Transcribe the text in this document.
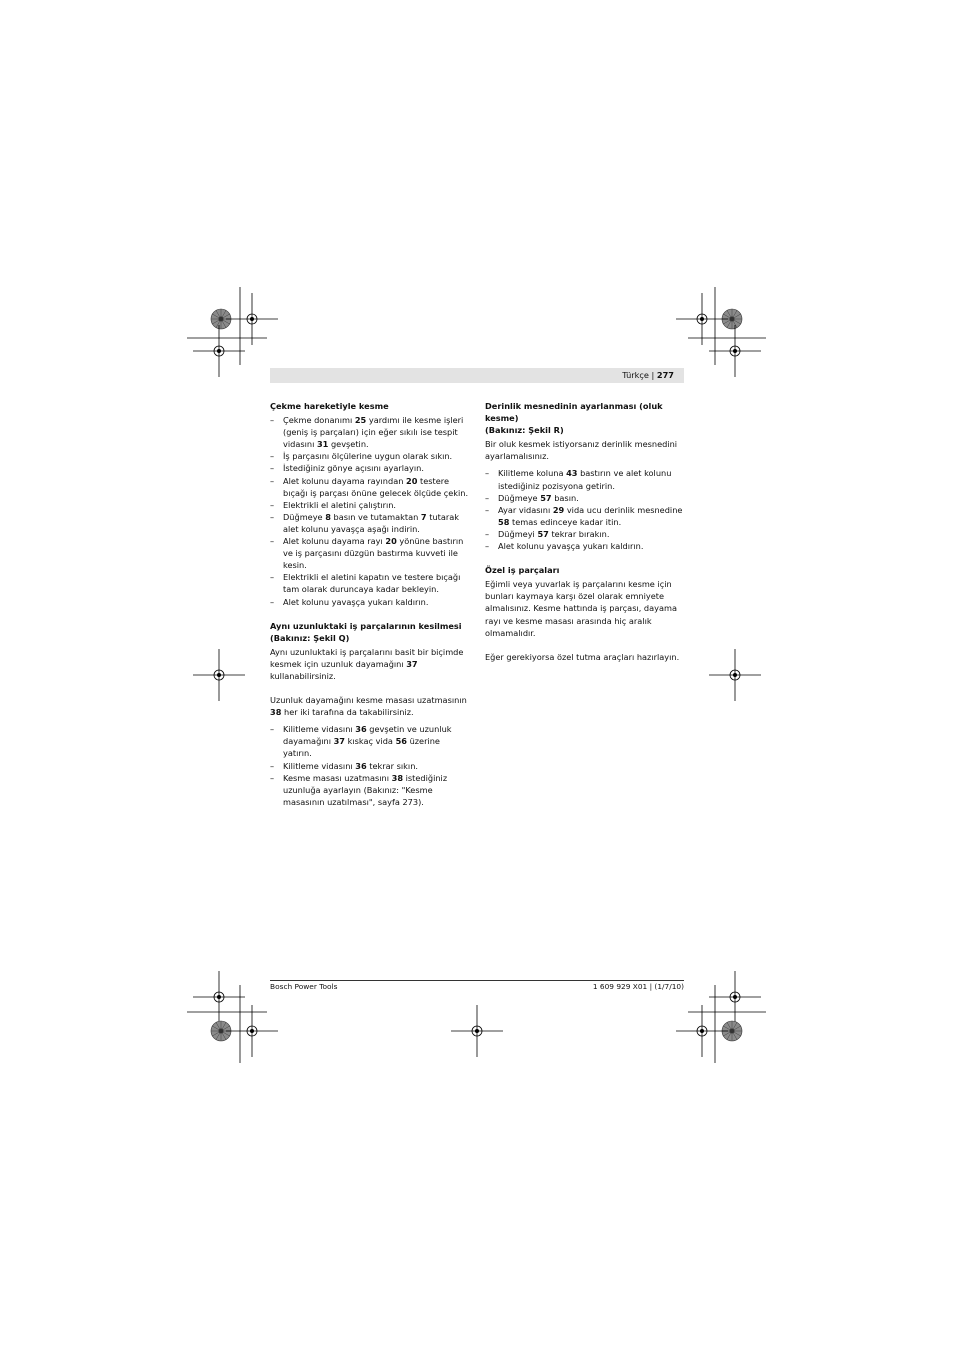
Türkçe | 277
Çekme hareketiyle kesme
– Çekme donanımı 25 yardımı ile kesme işleri (geniş iş parçaları) için eğer sıkılı ise tespit vidasını 31 gevşetin.
– İş parçasını ölçülerine uygun olarak sıkın.
– İstediğiniz gönye açısını ayarlayın.
– Alet kolunu dayama rayından 20 testere bıçağı iş parçası önüne gelecek ölçüde çekin.
– Elektrikli el aletini çalıştırın.
– Düğmeye 8 basın ve tutamaktan 7 tutarak alet kolunu yavaşça aşağı indirin.
– Alet kolunu dayama rayı 20 yönüne bastırın ve iş parçasını düzgün bastırma kuvveti ile kesin.
– Elektrikli el aletini kapatın ve testere bıçağı tam olarak duruncaya kadar bekleyin.
– Alet kolunu yavaşça yukarı kaldırın.
Aynı uzunluktaki iş parçalarının kesilmesi
(Bakınız: Şekil Q)

Aynı uzunluktaki iş parçalarını basit bir biçimde kesmek için uzunluk dayamağını 37 kullanabilirsiniz.

Uzunluk dayamağını kesme masası uzatmasının 38 her iki tarafına da takabilirsiniz.

– Kilitleme vidasını 36 gevşetin ve uzunluk dayamağını 37 kıskaç vida 56 üzerine yatırın.
– Kilitleme vidasını 36 tekrar sıkın.
– Kesme masası uzatmasını 38 istediğiniz uzunluğa ayarlayın (Bakınız: "Kesme masasının uzatılması", sayfa 273).
Derinlik mesnedinin ayarlanması (oluk kesme)
(Bakınız: Şekil R)

Bir oluk kesmek istiyorsanız derinlik mesnedini ayarlamalısınız.

– Kilitleme koluna 43 bastırın ve alet kolunu istediğiniz pozisyona getirin.
– Düğmeye 57 basın.
– Ayar vidasını 29 vida ucu derinlik mesnedine 58 temas edinceye kadar itin.
– Düğmeyi 57 tekrar bırakın.
– Alet kolunu yavaşça yukarı kaldırın.
Özel iş parçaları

Eğimli veya yuvarlak iş parçalarını kesme için bunları kaymaya karşı özel olarak emniyete almalısınız. Kesme hattında iş parçası, dayama rayı ve kesme masası arasında hiç aralık olmamalıdır.

Eğer gerekiyorsa özel tutma araçları hazırlayın.

Bosch Power Tools	1 609 929 X01 | (1/7/10)
